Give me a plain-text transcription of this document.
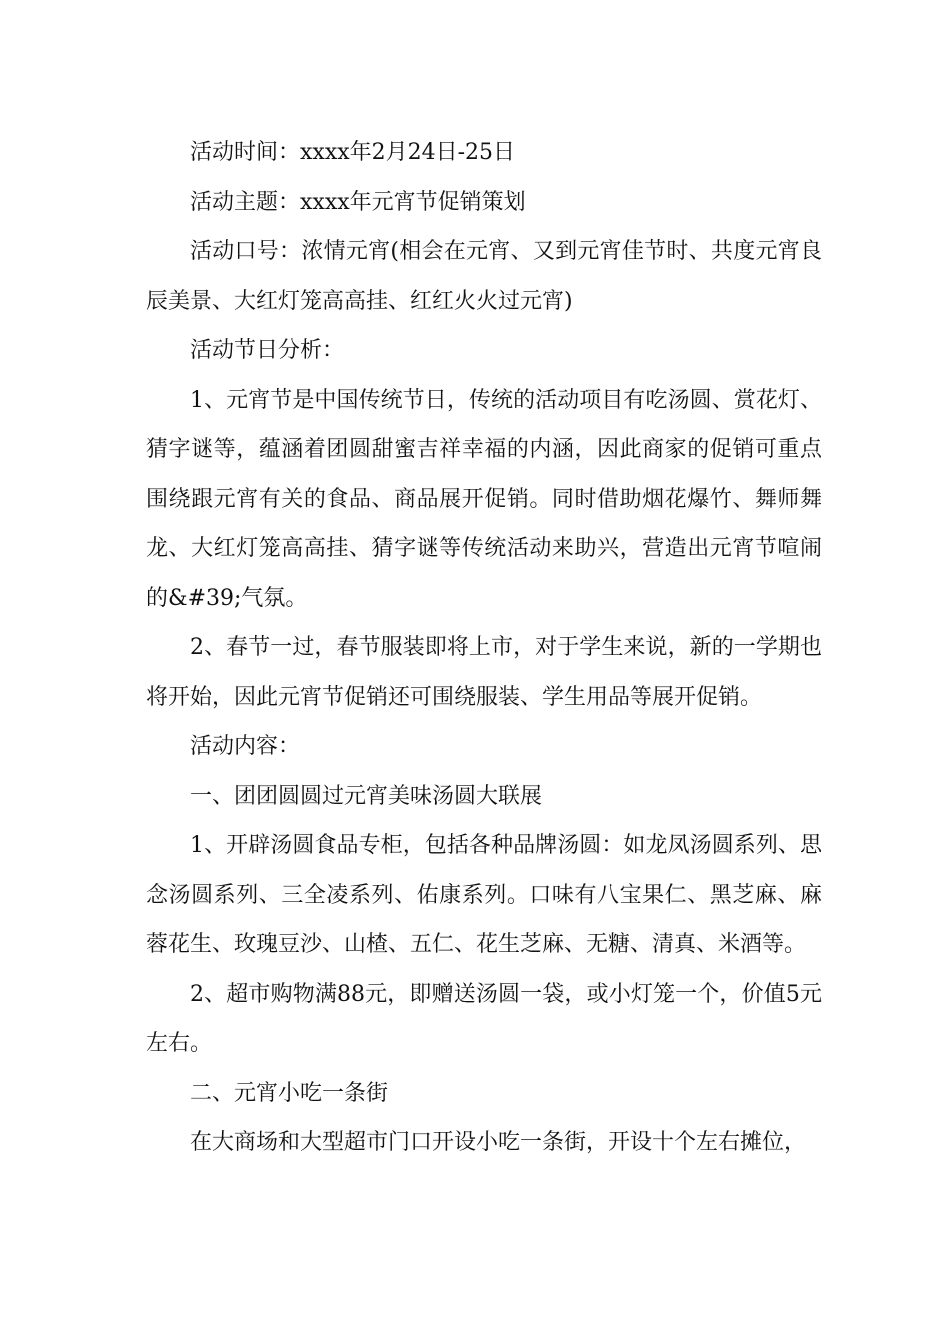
活动时间：xxxx年2月24日-25日

活动主题：xxxx年元宵节促销策划

活动口号：浓情元宵(相会在元宵、又到元宵佳节时、共度元宵良辰美景、大红灯笼高高挂、红红火火过元宵)

活动节日分析：

1、元宵节是中国传统节日，传统的活动项目有吃汤圆、赏花灯、猜字谜等，蕴涵着团圆甜蜜吉祥幸福的内涵，因此商家的促销可重点围绕跟元宵有关的食品、商品展开促销。同时借助烟花爆竹、舞师舞龙、大红灯笼高高挂、猜字谜等传统活动来助兴，营造出元宵节喧闹的&#39;气氛。

2、春节一过，春节服装即将上市，对于学生来说，新的一学期也将开始，因此元宵节促销还可围绕服装、学生用品等展开促销。

活动内容：

一、团团圆圆过元宵美味汤圆大联展

1、开辟汤圆食品专柜，包括各种品牌汤圆：如龙凤汤圆系列、思念汤圆系列、三全凌系列、佑康系列。口味有八宝果仁、黑芝麻、麻蓉花生、玫瑰豆沙、山楂、五仁、花生芝麻、无糖、清真、米酒等。

2、超市购物满88元，即赠送汤圆一袋，或小灯笼一个，价值5元左右。

二、元宵小吃一条街

在大商场和大型超市门口开设小吃一条街，开设十个左右摊位，
